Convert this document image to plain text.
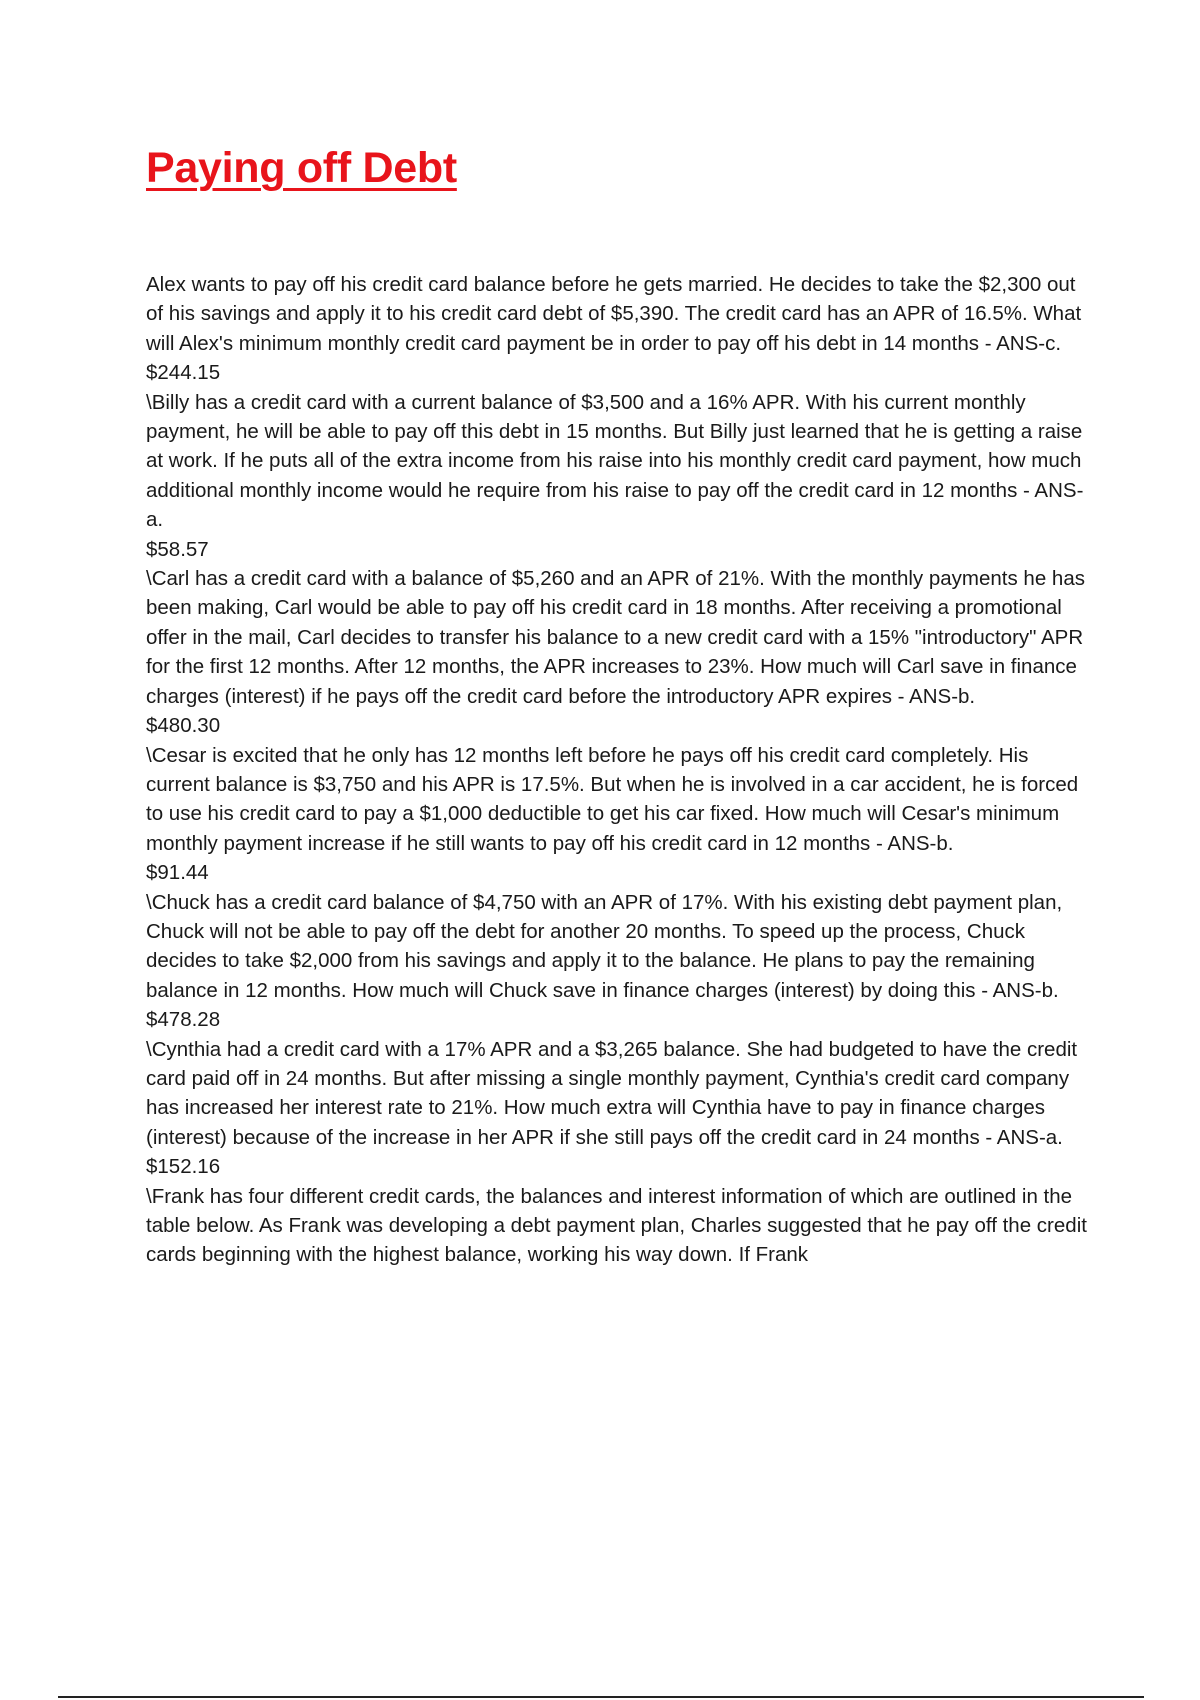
Paying off Debt

Alex wants to pay off his credit card balance before he gets married. He decides to take the $2,300 out of his savings and apply it to his credit card debt of $5,390. The credit card has an APR of 16.5%. What will Alex's minimum monthly credit card payment be in order to pay off his debt in 14 months - ANS-c.

$244.15

\Billy has a credit card with a current balance of $3,500 and a 16% APR. With his current monthly payment, he will be able to pay off this debt in 15 months. But Billy just learned that he is getting a raise at work. If he puts all of the extra income from his raise into his monthly credit card payment, how much additional monthly income would he require from his raise to pay off the credit card in 12 months - ANS-a.

$58.57

\Carl has a credit card with a balance of $5,260 and an APR of 21%. With the monthly payments he has been making, Carl would be able to pay off his credit card in 18 months. After receiving a promotional offer in the mail, Carl decides to transfer his balance to a new credit card with a 15% "introductory" APR for the first 12 months. After 12 months, the APR increases to 23%. How much will Carl save in finance charges (interest) if he pays off the credit card before the introductory APR expires - ANS-b.

$480.30

\Cesar is excited that he only has 12 months left before he pays off his credit card completely. His current balance is $3,750 and his APR is 17.5%. But when he is involved in a car accident, he is forced to use his credit card to pay a $1,000 deductible to get his car fixed. How much will Cesar's minimum monthly payment increase if he still wants to pay off his credit card in 12 months - ANS-b.

$91.44

\Chuck has a credit card balance of $4,750 with an APR of 17%. With his existing debt payment plan, Chuck will not be able to pay off the debt for another 20 months. To speed up the process, Chuck decides to take $2,000 from his savings and apply it to the balance. He plans to pay the remaining balance in 12 months. How much will Chuck save in finance charges (interest) by doing this - ANS-b.

$478.28

\Cynthia had a credit card with a 17% APR and a $3,265 balance. She had budgeted to have the credit card paid off in 24 months. But after missing a single monthly payment, Cynthia's credit card company has increased her interest rate to 21%. How much extra will Cynthia have to pay in finance charges (interest) because of the increase in her APR if she still pays off the credit card in 24 months - ANS-a.

$152.16

\Frank has four different credit cards, the balances and interest information of which are outlined in the table below. As Frank was developing a debt payment plan, Charles suggested that he pay off the credit cards beginning with the highest balance, working his way down. If Frank
